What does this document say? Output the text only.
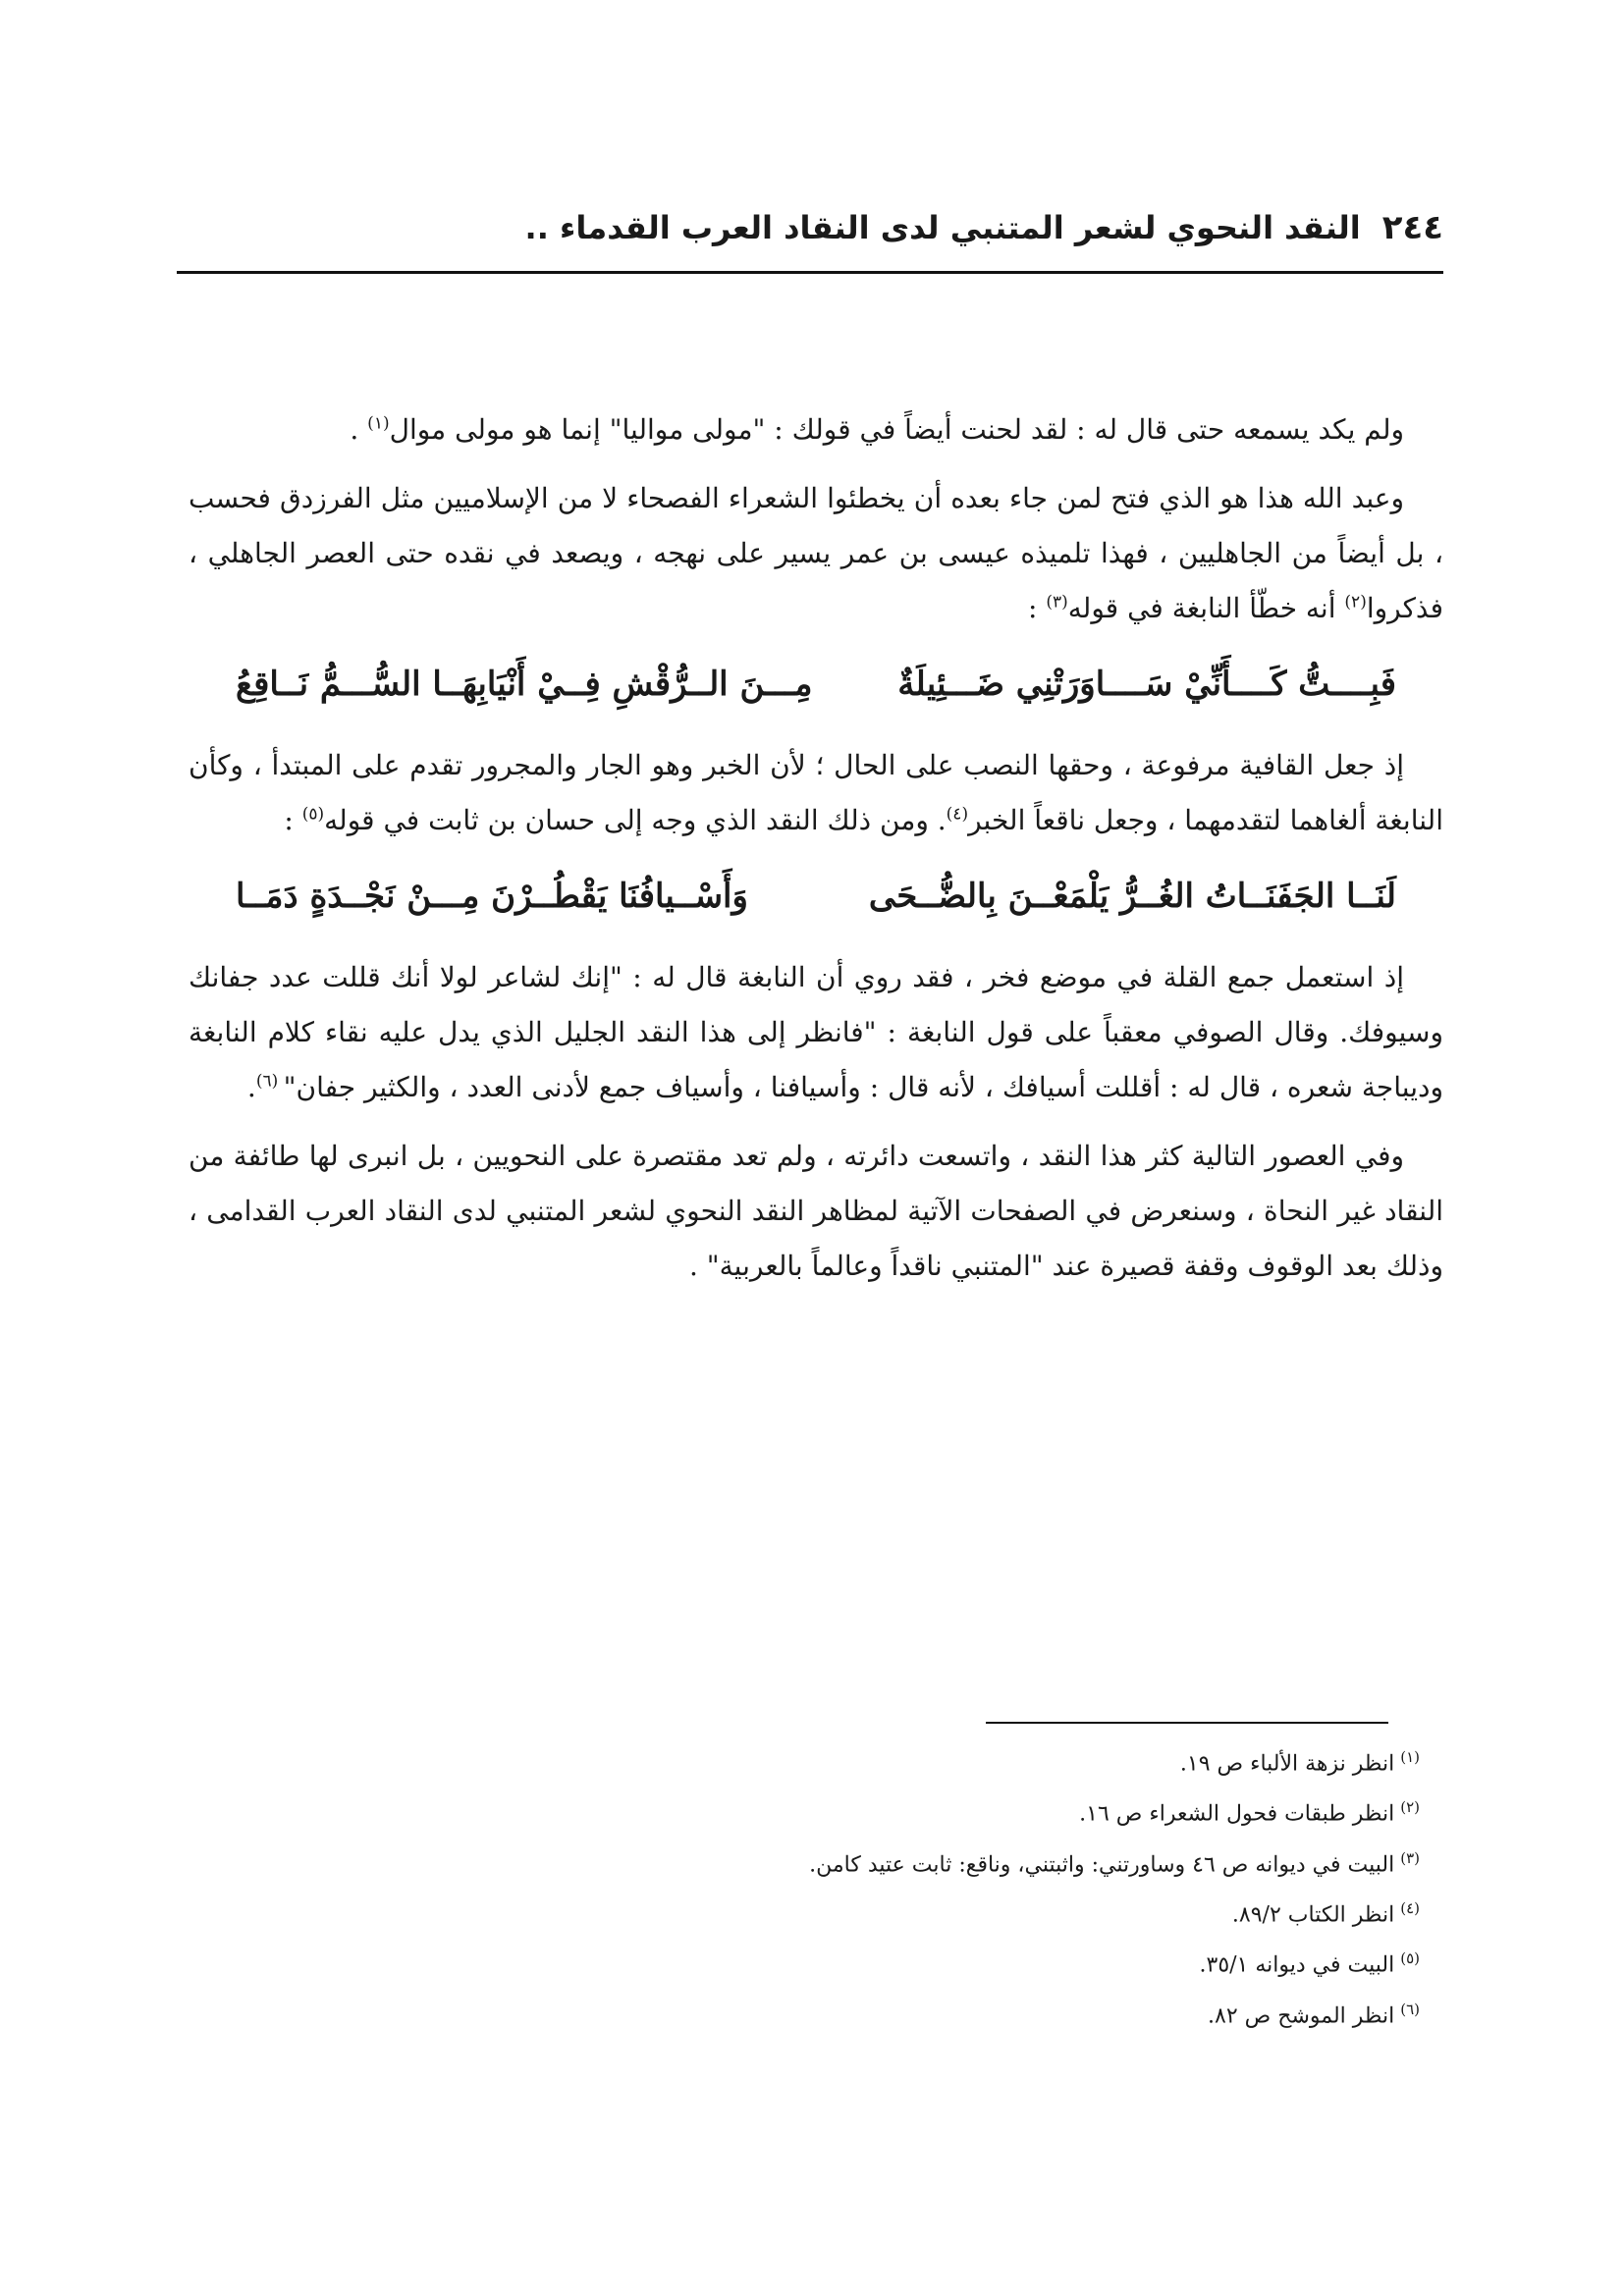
٢٤٤
النقد النحوي لشعر المتنبي لدى النقاد العرب القدماء ..

ولم يكد يسمعه حتى قال له : لقد لحنت أيضاً في قولك : "مولى مواليا" إنما هو مولى موال$^{(١)}$ .

وعبد الله هذا هو الذي فتح لمن جاء بعده أن يخطئوا الشعراء الفصحاء لا من الإسلاميين مثل الفرزدق فحسب ، بل أيضاً من الجاهليين ، فهذا تلميذه عيسى بن عمر يسير على نهجه ، ويصعد في نقده حتى العصر الجاهلي ، فذكروا$^{(٢)}$ أنه خطّأ النابغة في قوله$^{(٣)}$ :

فَبِــــتُّ كَــــأَنِّيْ سَــــاوَرَتْنِي ضَـــئِيلَةٌ
مِـــنَ الــرُّقْشِ فِــيْ أَنْيَابِهَــا السُّـــمُّ نَــاقِعُ

إذ جعل القافية مرفوعة ، وحقها النصب على الحال ؛ لأن الخبر وهو الجار والمجرور تقدم على المبتدأ ، وكأن النابغة ألغاهما لتقدمهما ، وجعل ناقعاً الخبر$^{(٤)}$. ومن ذلك النقد الذي وجه إلى حسان بن ثابت في قوله$^{(٥)}$ :

لَنَــا الجَفَنَــاتُ الغُــرُّ يَلْمَعْــنَ بِالضُّــحَى
وَأَسْــيافُنَا يَقْطُــرْنَ مِـــنْ نَجْــدَةٍ دَمَــا

إذ استعمل جمع القلة في موضع فخر ، فقد روي أن النابغة قال له : "إنك لشاعر لولا أنك قللت عدد جفانك وسيوفك. وقال الصوفي معقباً على قول النابغة : "فانظر إلى هذا النقد الجليل الذي يدل عليه نقاء كلام النابغة وديباجة شعره ، قال له : أقللت أسيافك ، لأنه قال : وأسيافنا ، وأسياف جمع لأدنى العدد ، والكثير جفان" $^{(٦)}$.

وفي العصور التالية كثر هذا النقد ، واتسعت دائرته ، ولم تعد مقتصرة على النحويين ، بل انبرى لها طائفة من النقاد غير النحاة ، وسنعرض في الصفحات الآتية لمظاهر النقد النحوي لشعر المتنبي لدى النقاد العرب القدامى ، وذلك بعد الوقوف وقفة قصيرة عند "المتنبي ناقداً وعالماً بالعربية" .

$^{(١)}$انظر نزهة الألباء ص ١٩.
$^{(٢)}$انظر طبقات فحول الشعراء ص ١٦.
$^{(٣)}$البيت في ديوانه ص ٤٦ وساورتني: واثبتني، وناقع: ثابت عتيد كامن.
$^{(٤)}$انظر الكتاب ٨٩/٢.
$^{(٥)}$البيت في ديوانه ٣٥/١.
$^{(٦)}$انظر الموشح ص ٨٢.
